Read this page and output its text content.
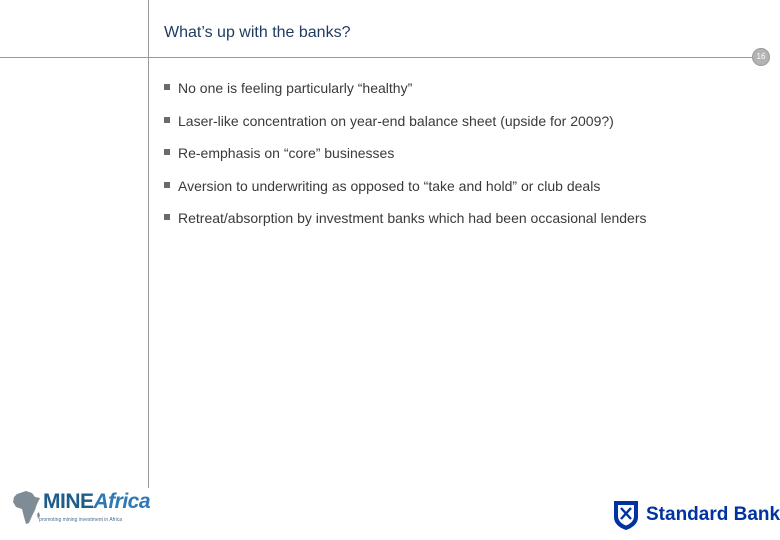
What’s up with the banks?
16
No one is feeling particularly “healthy”
Laser-like concentration on year-end balance sheet (upside for 2009?)
Re-emphasis on “core” businesses
Aversion to underwriting as opposed to “take and hold” or club deals
Retreat/absorption by investment banks which had been occasional lenders
MINEAfrica
promoting mining investment in Africa	Standard Bank
